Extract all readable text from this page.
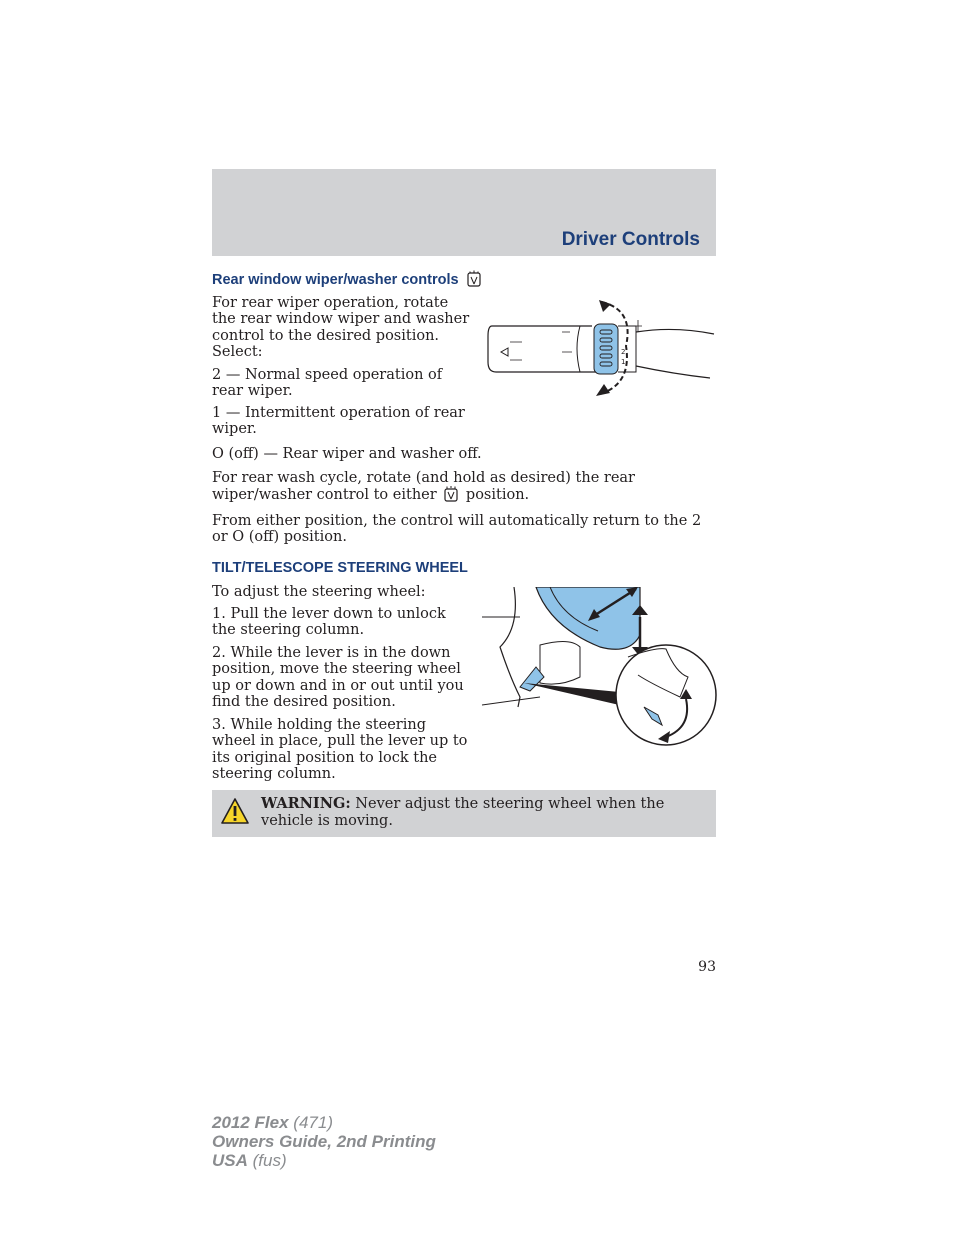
Driver Controls
Rear window wiper/washer controls
For rear wiper operation, rotate the rear window wiper and washer control to the desired position. Select:
2 — Normal speed operation of rear wiper.
1 — Intermittent operation of rear wiper.
O (off) — Rear wiper and washer off.
For rear wash cycle, rotate (and hold as desired) the rear wiper/washer control to either position.
From either position, the control will automatically return to the 2 or O (off) position.
2
1
TILT/TELESCOPE STEERING WHEEL
To adjust the steering wheel:
1. Pull the lever down to unlock the steering column.
2. While the lever is in the down position, move the steering wheel up or down and in or out until you find the desired position.
3. While holding the steering wheel in place, pull the lever up to its original position to lock the steering column.
WARNING: Never adjust the steering wheel when the vehicle is moving.
93
2012 Flex (471)
Owners Guide, 2nd Printing
USA (fus)
